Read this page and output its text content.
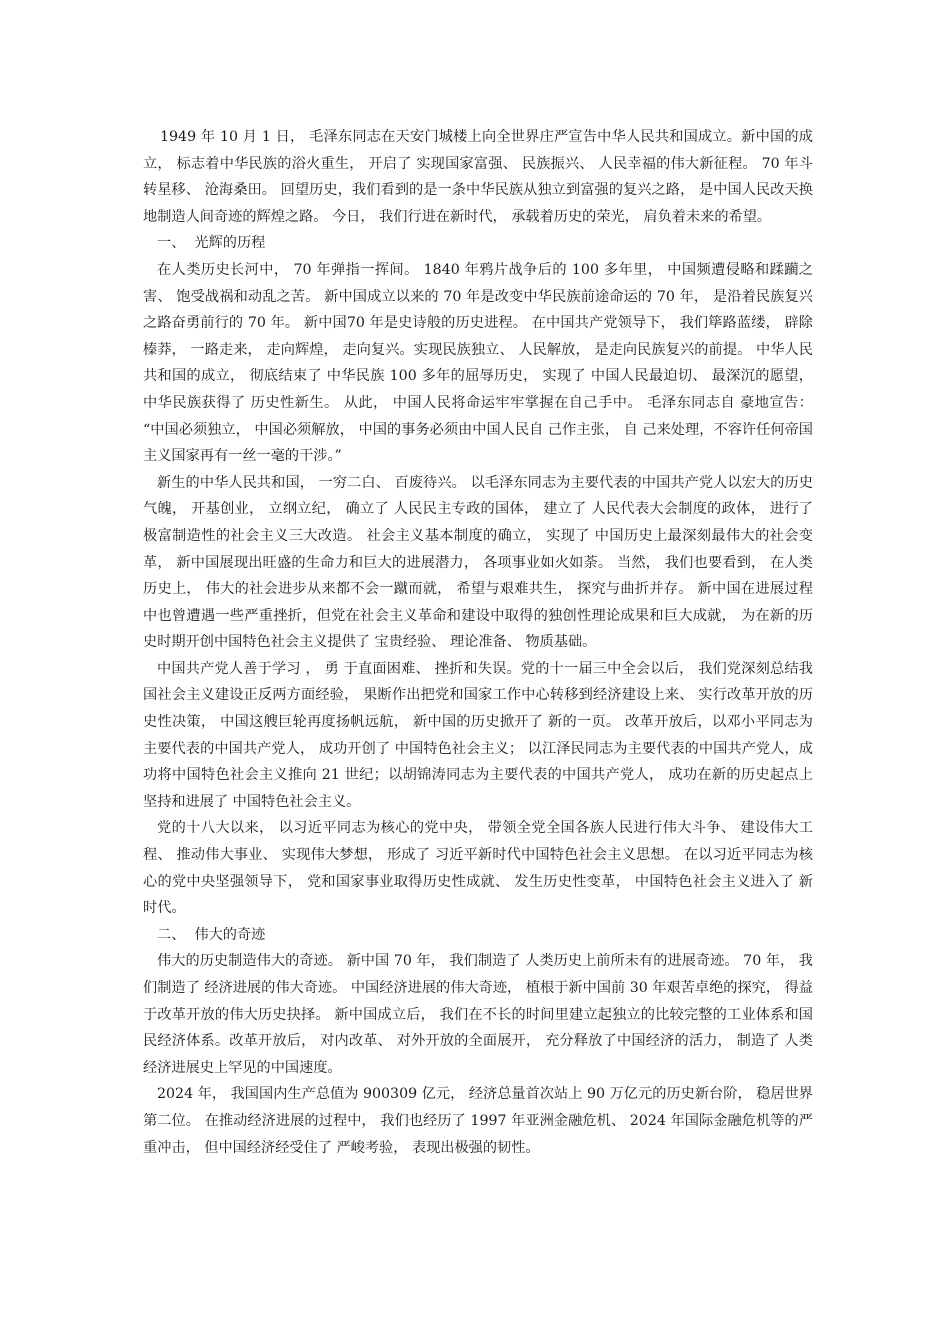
1949 年 10 月 1 日， 毛泽东同志在天安门城楼上向全世界庄严宣告中华人民共和国成立。新中国的成立， 标志着中华民族的浴火重生， 开启了 实现国家富强、 民族振兴、 人民幸福的伟大新征程。 70 年斗转星移、 沧海桑田。 回望历史，我们看到的是一条中华民族从独立到富强的复兴之路， 是中国人民改天换地制造人间奇迹的辉煌之路。 今日， 我们行进在新时代， 承载着历史的荣光， 肩负着未来的希望。

一、  光辉的历程

在人类历史长河中， 70 年弹指一挥间。 1840 年鸦片战争后的 100 多年里， 中国频遭侵略和蹂躏之害、 饱受战祸和动乱之苦。 新中国成立以来的 70 年是改变中华民族前途命运的 70 年， 是沿着民族复兴之路奋勇前行的 70 年。 新中国70 年是史诗般的历史进程。 在中国共产党领导下， 我们筚路蓝缕， 辟除榛莽， 一路走来， 走向辉煌， 走向复兴。实现民族独立、 人民解放， 是走向民族复兴的前提。 中华人民共和国的成立， 彻底结束了 中华民族 100 多年的屈辱历史， 实现了 中国人民最迫切、 最深沉的愿望， 中华民族获得了 历史性新生。 从此， 中国人民将命运牢牢掌握在自己手中。 毛泽东同志自 豪地宣告： “中国必须独立， 中国必须解放， 中国的事务必须由中国人民自 己作主张， 自 己来处理，不容许任何帝国主义国家再有一丝一毫的干涉。”

新生的中华人民共和国， 一穷二白、 百废待兴。 以毛泽东同志为主要代表的中国共产党人以宏大的历史气魄， 开基创业， 立纲立纪， 确立了 人民民主专政的国体， 建立了 人民代表大会制度的政体， 进行了 极富制造性的社会主义三大改造。 社会主义基本制度的确立， 实现了 中国历史上最深刻最伟大的社会变革， 新中国展现出旺盛的生命力和巨大的进展潜力， 各项事业如火如荼。 当然， 我们也要看到， 在人类历史上， 伟大的社会进步从来都不会一蹴而就， 希望与艰难共生， 探究与曲折并存。 新中国在进展过程中也曾遭遇一些严重挫折，但党在社会主义革命和建设中取得的独创性理论成果和巨大成就， 为在新的历史时期开创中国特色社会主义提供了 宝贵经验、 理论准备、 物质基础。

中国共产党人善于学习 ， 勇 于直面困难、 挫折和失误。党的十一届三中全会以后， 我们党深刻总结我国社会主义建设正反两方面经验， 果断作出把党和国家工作中心转移到经济建设上来、 实行改革开放的历史性决策， 中国这艘巨轮再度扬帆远航， 新中国的历史掀开了 新的一页。 改革开放后，以邓小平同志为主要代表的中国共产党人， 成功开创了 中国特色社会主义； 以江泽民同志为主要代表的中国共产党人，成功将中国特色社会主义推向 21 世纪；以胡锦涛同志为主要代表的中国共产党人， 成功在新的历史起点上坚持和进展了 中国特色社会主义。

党的十八大以来， 以习近平同志为核心的党中央， 带领全党全国各族人民进行伟大斗争、 建设伟大工程、 推动伟大事业、 实现伟大梦想， 形成了 习近平新时代中国特色社会主义思想。 在以习近平同志为核心的党中央坚强领导下， 党和国家事业取得历史性成就、 发生历史性变革， 中国特色社会主义进入了 新时代。

二、  伟大的奇迹

伟大的历史制造伟大的奇迹。 新中国 70 年， 我们制造了 人类历史上前所未有的进展奇迹。 70 年， 我们制造了 经济进展的伟大奇迹。 中国经济进展的伟大奇迹， 植根于新中国前 30 年艰苦卓绝的探究， 得益于改革开放的伟大历史抉择。 新中国成立后， 我们在不长的时间里建立起独立的比较完整的工业体系和国民经济体系。改革开放后， 对内改革、 对外开放的全面展开， 充分释放了中国经济的活力， 制造了 人类经济进展史上罕见的中国速度。

2024 年， 我国国内生产总值为 900309 亿元， 经济总量首次站上 90 万亿元的历史新台阶， 稳居世界第二位。 在推动经济进展的过程中， 我们也经历了 1997 年亚洲金融危机、 2024 年国际金融危机等的严重冲击， 但中国经济经受住了 严峻考验， 表现出极强的韧性。
